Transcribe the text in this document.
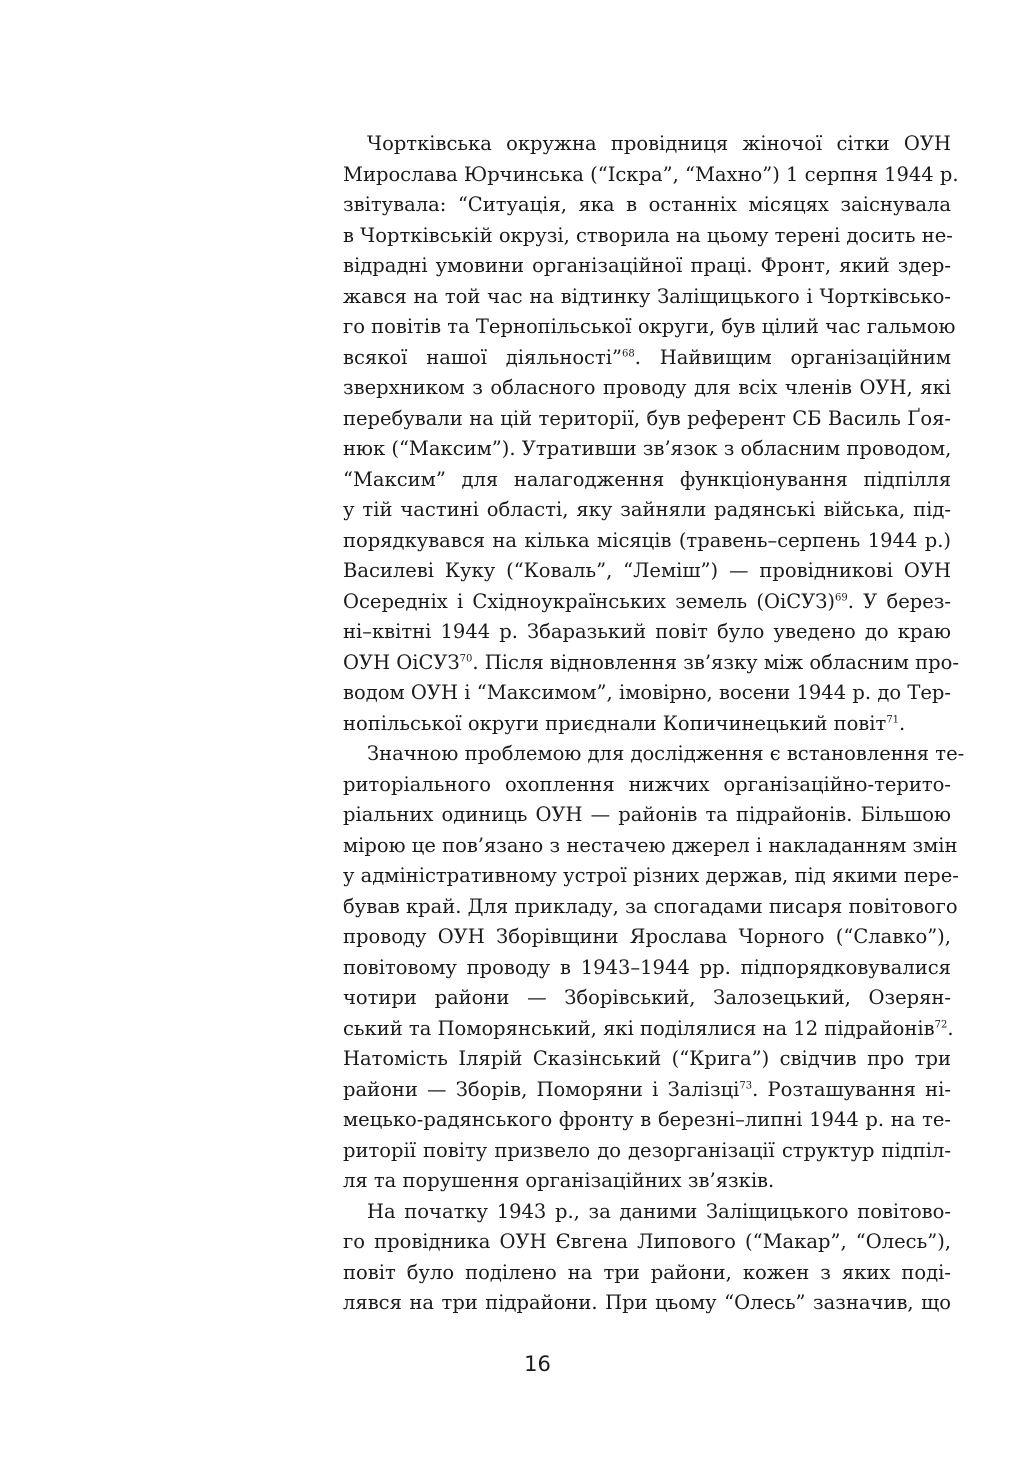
Чортківська окружна провідниця жіночої сітки ОУН
Мирослава Юрчинська (“Іскра”, “Махно”) 1 серпня 1944 р.
звітувала: “Ситуація, яка в останніх місяцях заіснувала
в Чортківській окрузі, створила на цьому терені досить не-
відрадні умовини організаційної праці. Фронт, який здер-
жався на той час на відтинку Заліщицького і Чортківсько-
го повітів та Тернопільської округи, був цілий час гальмою
всякої нашої діяльності”$^{68}$. Найвищим організаційним
зверхником з обласного проводу для всіх членів ОУН, які
перебували на цій території, був референт СБ Василь Ґоя-
нюк (“Максим”). Утративши зв’язок з обласним проводом,
“Максим” для налагодження функціонування підпілля
у тій частині області, яку зайняли радянські війська, під-
порядкувався на кілька місяців (травень–серпень 1944 р.)
Василеві Куку (“Коваль”, “Леміш”) — провідникові ОУН
Осередніх і Східноукраїнських земель (ОіСУЗ)$^{69}$. У берез-
ні–квітні 1944 р. Збаразький повіт було уведено до краю
ОУН ОіСУЗ$^{70}$. Після відновлення зв’язку між обласним про-
водом ОУН і “Максимом”, імовірно, восени 1944 р. до Тер-
нопільської округи приєднали Копичинецький повіт$^{71}$.
Значною проблемою для дослідження є встановлення те-
риторіального охоплення нижчих організаційно-терито-
ріальних одиниць ОУН — районів та підрайонів. Більшою
мірою це пов’язано з нестачею джерел і накладанням змін
у адміністративному устрої різних держав, під якими пере-
бував край. Для прикладу, за спогадами писаря повітового
проводу ОУН Зборівщини Ярослава Чорного (“Славко”),
повітовому проводу в 1943–1944 рр. підпорядковувалися
чотири райони — Зборівський, Залозецький, Озерян-
ський та Поморянський, які поділялися на 12 підрайонів$^{72}$.
Натомість Ілярій Сказінський (“Крига”) свідчив про три
райони — Зборів, Поморяни і Залізці$^{73}$. Розташування ні-
мецько-радянського фронту в березні–липні 1944 р. на те-
риторії повіту призвело до дезорганізації структур підпіл-
ля та порушення організаційних зв’язків.
На початку 1943 р., за даними Заліщицького повітово-
го провідника ОУН Євгена Липового (“Макар”, “Олесь”),
повіт було поділено на три райони, кожен з яких поді-
лявся на три підрайони. При цьому “Олесь” зазначив, що
16
